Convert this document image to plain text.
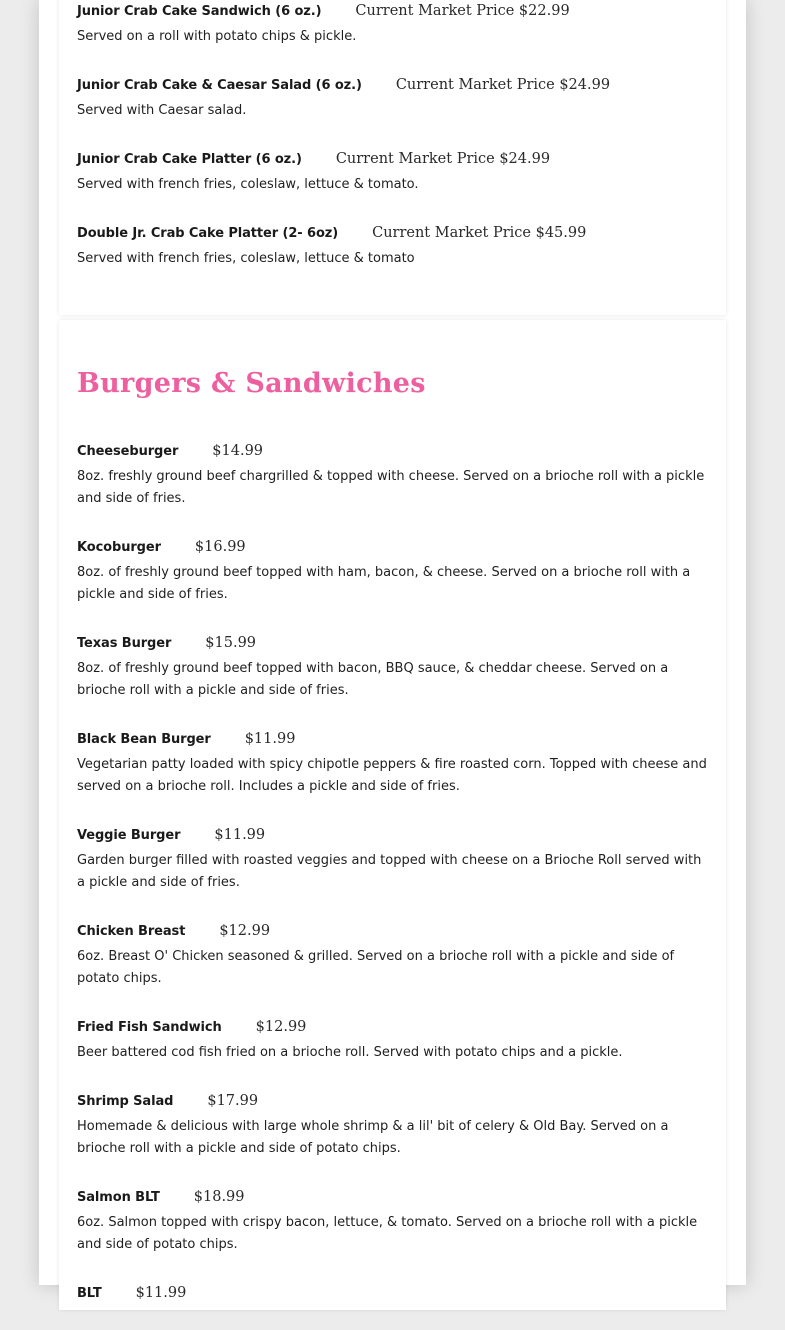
Junior Crab Cake Sandwich (6 oz.) Current Market Price $22.99
Served on a roll with potato chips & pickle.
Junior Crab Cake & Caesar Salad (6 oz.) Current Market Price $24.99
Served with Caesar salad.
Junior Crab Cake Platter (6 oz.) Current Market Price $24.99
Served with french fries, coleslaw, lettuce & tomato.
Double Jr. Crab Cake Platter (2- 6oz) Current Market Price $45.99
Served with french fries, coleslaw, lettuce & tomato
Burgers & Sandwiches
Cheeseburger $14.99
8oz. freshly ground beef chargrilled & topped with cheese. Served on a brioche roll with a pickle and side of fries.
Kocoburger $16.99
8oz. of freshly ground beef topped with ham, bacon, & cheese. Served on a brioche roll with a pickle and side of fries.
Texas Burger $15.99
8oz. of freshly ground beef topped with bacon, BBQ sauce, & cheddar cheese. Served on a brioche roll with a pickle and side of fries.
Black Bean Burger $11.99
Vegetarian patty loaded with spicy chipotle peppers & fire roasted corn. Topped with cheese and served on a brioche roll. Includes a pickle and side of fries.
Veggie Burger $11.99
Garden burger filled with roasted veggies and topped with cheese on a Brioche Roll served with a pickle and side of fries.
Chicken Breast $12.99
6oz. Breast O' Chicken seasoned & grilled. Served on a brioche roll with a pickle and side of potato chips.
Fried Fish Sandwich $12.99
Beer battered cod fish fried on a brioche roll. Served with potato chips and a pickle.
Shrimp Salad $17.99
Homemade & delicious with large whole shrimp & a lil' bit of celery & Old Bay. Served on a brioche roll with a pickle and side of potato chips.
Salmon BLT $18.99
6oz. Salmon topped with crispy bacon, lettuce, & tomato. Served on a brioche roll with a pickle and side of potato chips.
BLT $11.99
